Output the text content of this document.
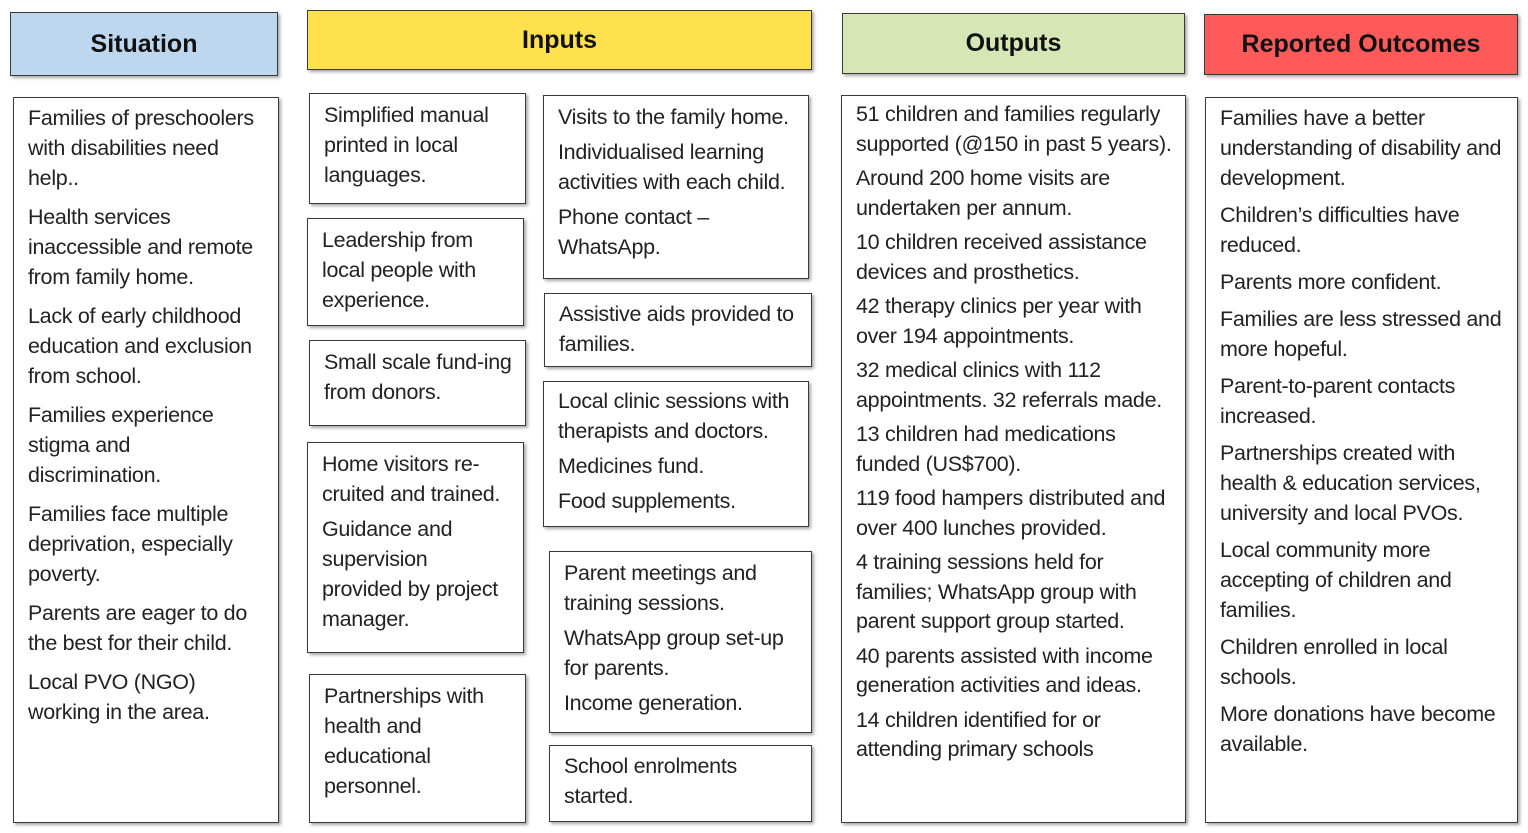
Situation	Inputs	Outputs	Reported Outcomes

Families of preschoolers with disabilities need help..

Health services inaccessible and remote from family home.

Lack of early childhood education and exclusion from school.

Families experience stigma and discrimination.

Families face multiple deprivation, especially poverty.

Parents are eager to do the best for their child.

Local PVO (NGO) working in the area.

Simplified manual printed in local languages.

Leadership from local people with experience.

Small scale fund-ing from donors.

Home visitors re-cruited and trained.

Guidance and supervision provided by project manager.

Partnerships with health and educational personnel.

Visits to the family home.

Individualised learning activities with each child.

Phone contact – WhatsApp.

Assistive aids provided to families.

Local clinic sessions with therapists and doctors.

Medicines fund.

Food supplements.

Parent meetings and training sessions.

WhatsApp group set-up for parents.

Income generation.

School enrolments started.

51 children and families regularly supported (@150 in past 5 years).

Around 200 home visits are undertaken per annum.

10 children received assistance devices and prosthetics.

42 therapy clinics per year with over 194 appointments.

32 medical clinics with 112 appointments. 32 referrals made.

13 children had medications funded (US$700).

119 food hampers distributed and over 400 lunches provided.

4 training sessions held for families; WhatsApp group with parent support group started.

40 parents assisted with income generation activities and ideas.

14 children identified for or attending primary schools

Families have a better understanding of disability and development.

Children’s difficulties have reduced.

Parents more confident.

Families are less stressed and more hopeful.

Parent-to-parent contacts increased.

Partnerships created with health & education services, university and local PVOs.

Local community more accepting of children and families.

Children enrolled in local schools.

More donations have become available.
